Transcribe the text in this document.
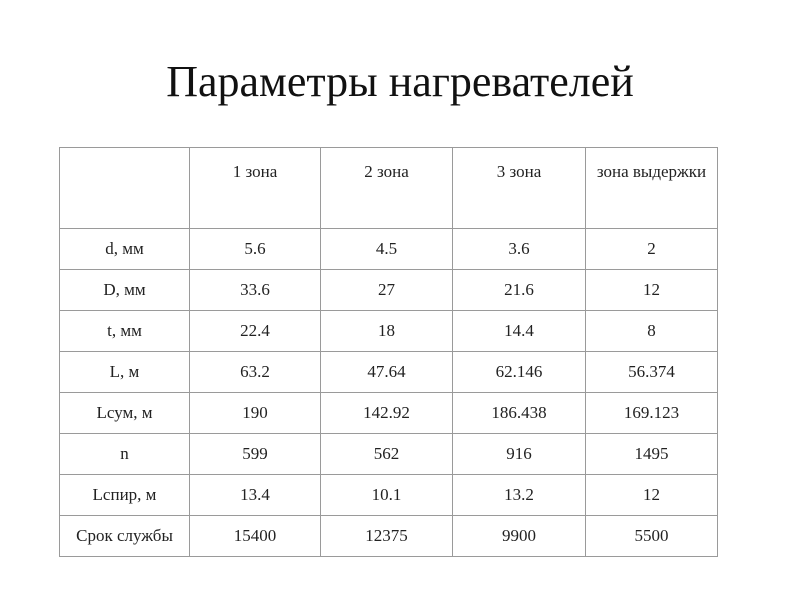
Параметры нагревателей
	1 зона	2 зона	3 зона	зона выдержки
d, мм	5.6	4.5	3.6	2
D, мм	33.6	27	21.6	12
t, мм	22.4	18	14.4	8
L, м	63.2	47.64	62.146	56.374
Lсум, м	190	142.92	186.438	169.123
n	599	562	916	1495
Lспир, м	13.4	10.1	13.2	12
Срок службы	15400	12375	9900	5500
